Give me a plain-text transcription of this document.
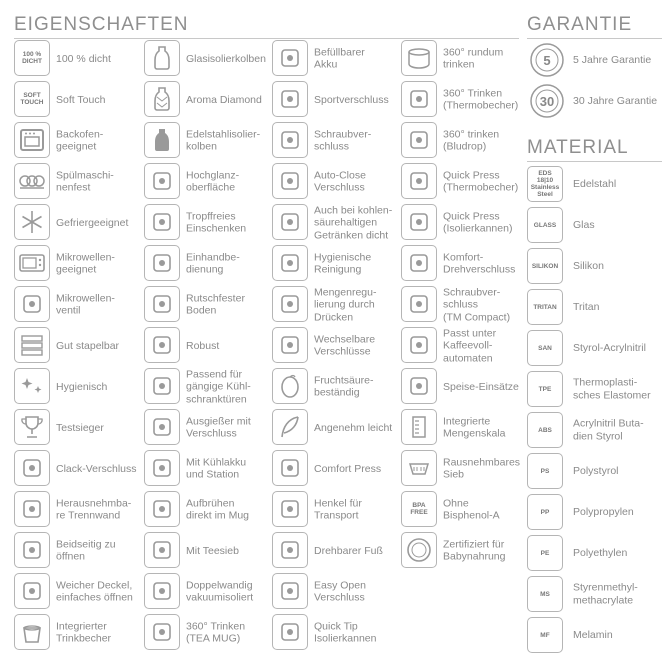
EIGENSCHAFTEN	GARANTIE
MATERIAL
100 %
DICHT 100 % dicht
SOFT
TOUCH Soft Touch
Backofen-
geeignet
Spülmaschi-
nenfest
Gefriergeeignet
Mikrowellen-
geeignet
Mikrowellen-
ventil
Gut stapelbar
Hygienisch
Testsieger
Clack-Verschluss
Herausnehmba-
re Trennwand
Beidseitig zu
öffnen
Weicher Deckel,
einfaches öffnen
Integrierter
Trinkbecher
Glasisolierkolben
Aroma Diamond
Edelstahlisolier-
kolben
Hochglanz-
oberfläche
Tropffreies
Einschenken
Einhandbe-
dienung
Rutschfester
Boden
Robust
Passend für
gängige Kühl-
schranktüren
Ausgießer mit
Verschluss
Mit Kühlakku
und Station
Aufbrühen
direkt im Mug
Mit Teesieb
Doppelwandig
vakuumisoliert
360° Trinken
(TEA MUG)
Befüllbarer
Akku
Sportverschluss
Schraubver-
schluss
Auto-Close
Verschluss
Auch bei kohlen-
säurehaltigen
Getränken dicht
Hygienische
Reinigung
Mengenregu-
lierung durch
Drücken
Wechselbare
Verschlüsse
Fruchtsäure-
beständig
Angenehm leicht
Comfort Press
Henkel für
Transport
Drehbarer Fuß
Easy Open
Verschluss
Quick Tip
Isolierkannen
360° rundum
trinken
360° Trinken
(Thermobecher)
360° trinken
(Bludrop)
Quick Press
(Thermobecher)
Quick Press
(Isolierkannen)
Komfort-
Drehverschluss
Schraubver-
schluss
(TM Compact)
Passt unter
Kaffeevoll-
automaten
Speise-Einsätze
Integrierte
Mengenskala
Rausnehmbares
Sieb
BPA
FREE
Ohne
Bisphenol-A
Zertifiziert für
Babynahrung
5 5 Jahre Garantie
30 30 Jahre Garantie
EDS
18|10
Stainless Steel
Edelstahl
GLASS Glas
SILIKON Silikon
TRITAN Tritan
SAN Styrol-Acrylnitril
TPE
Thermoplasti-
sches Elastomer
ABS
Acrylnitril Buta-
dien Styrol
PS Polystyrol
PP Polypropylen
PE Polyethylen
MS
Styrenmethyl-
methacrylate
MF Melamin
